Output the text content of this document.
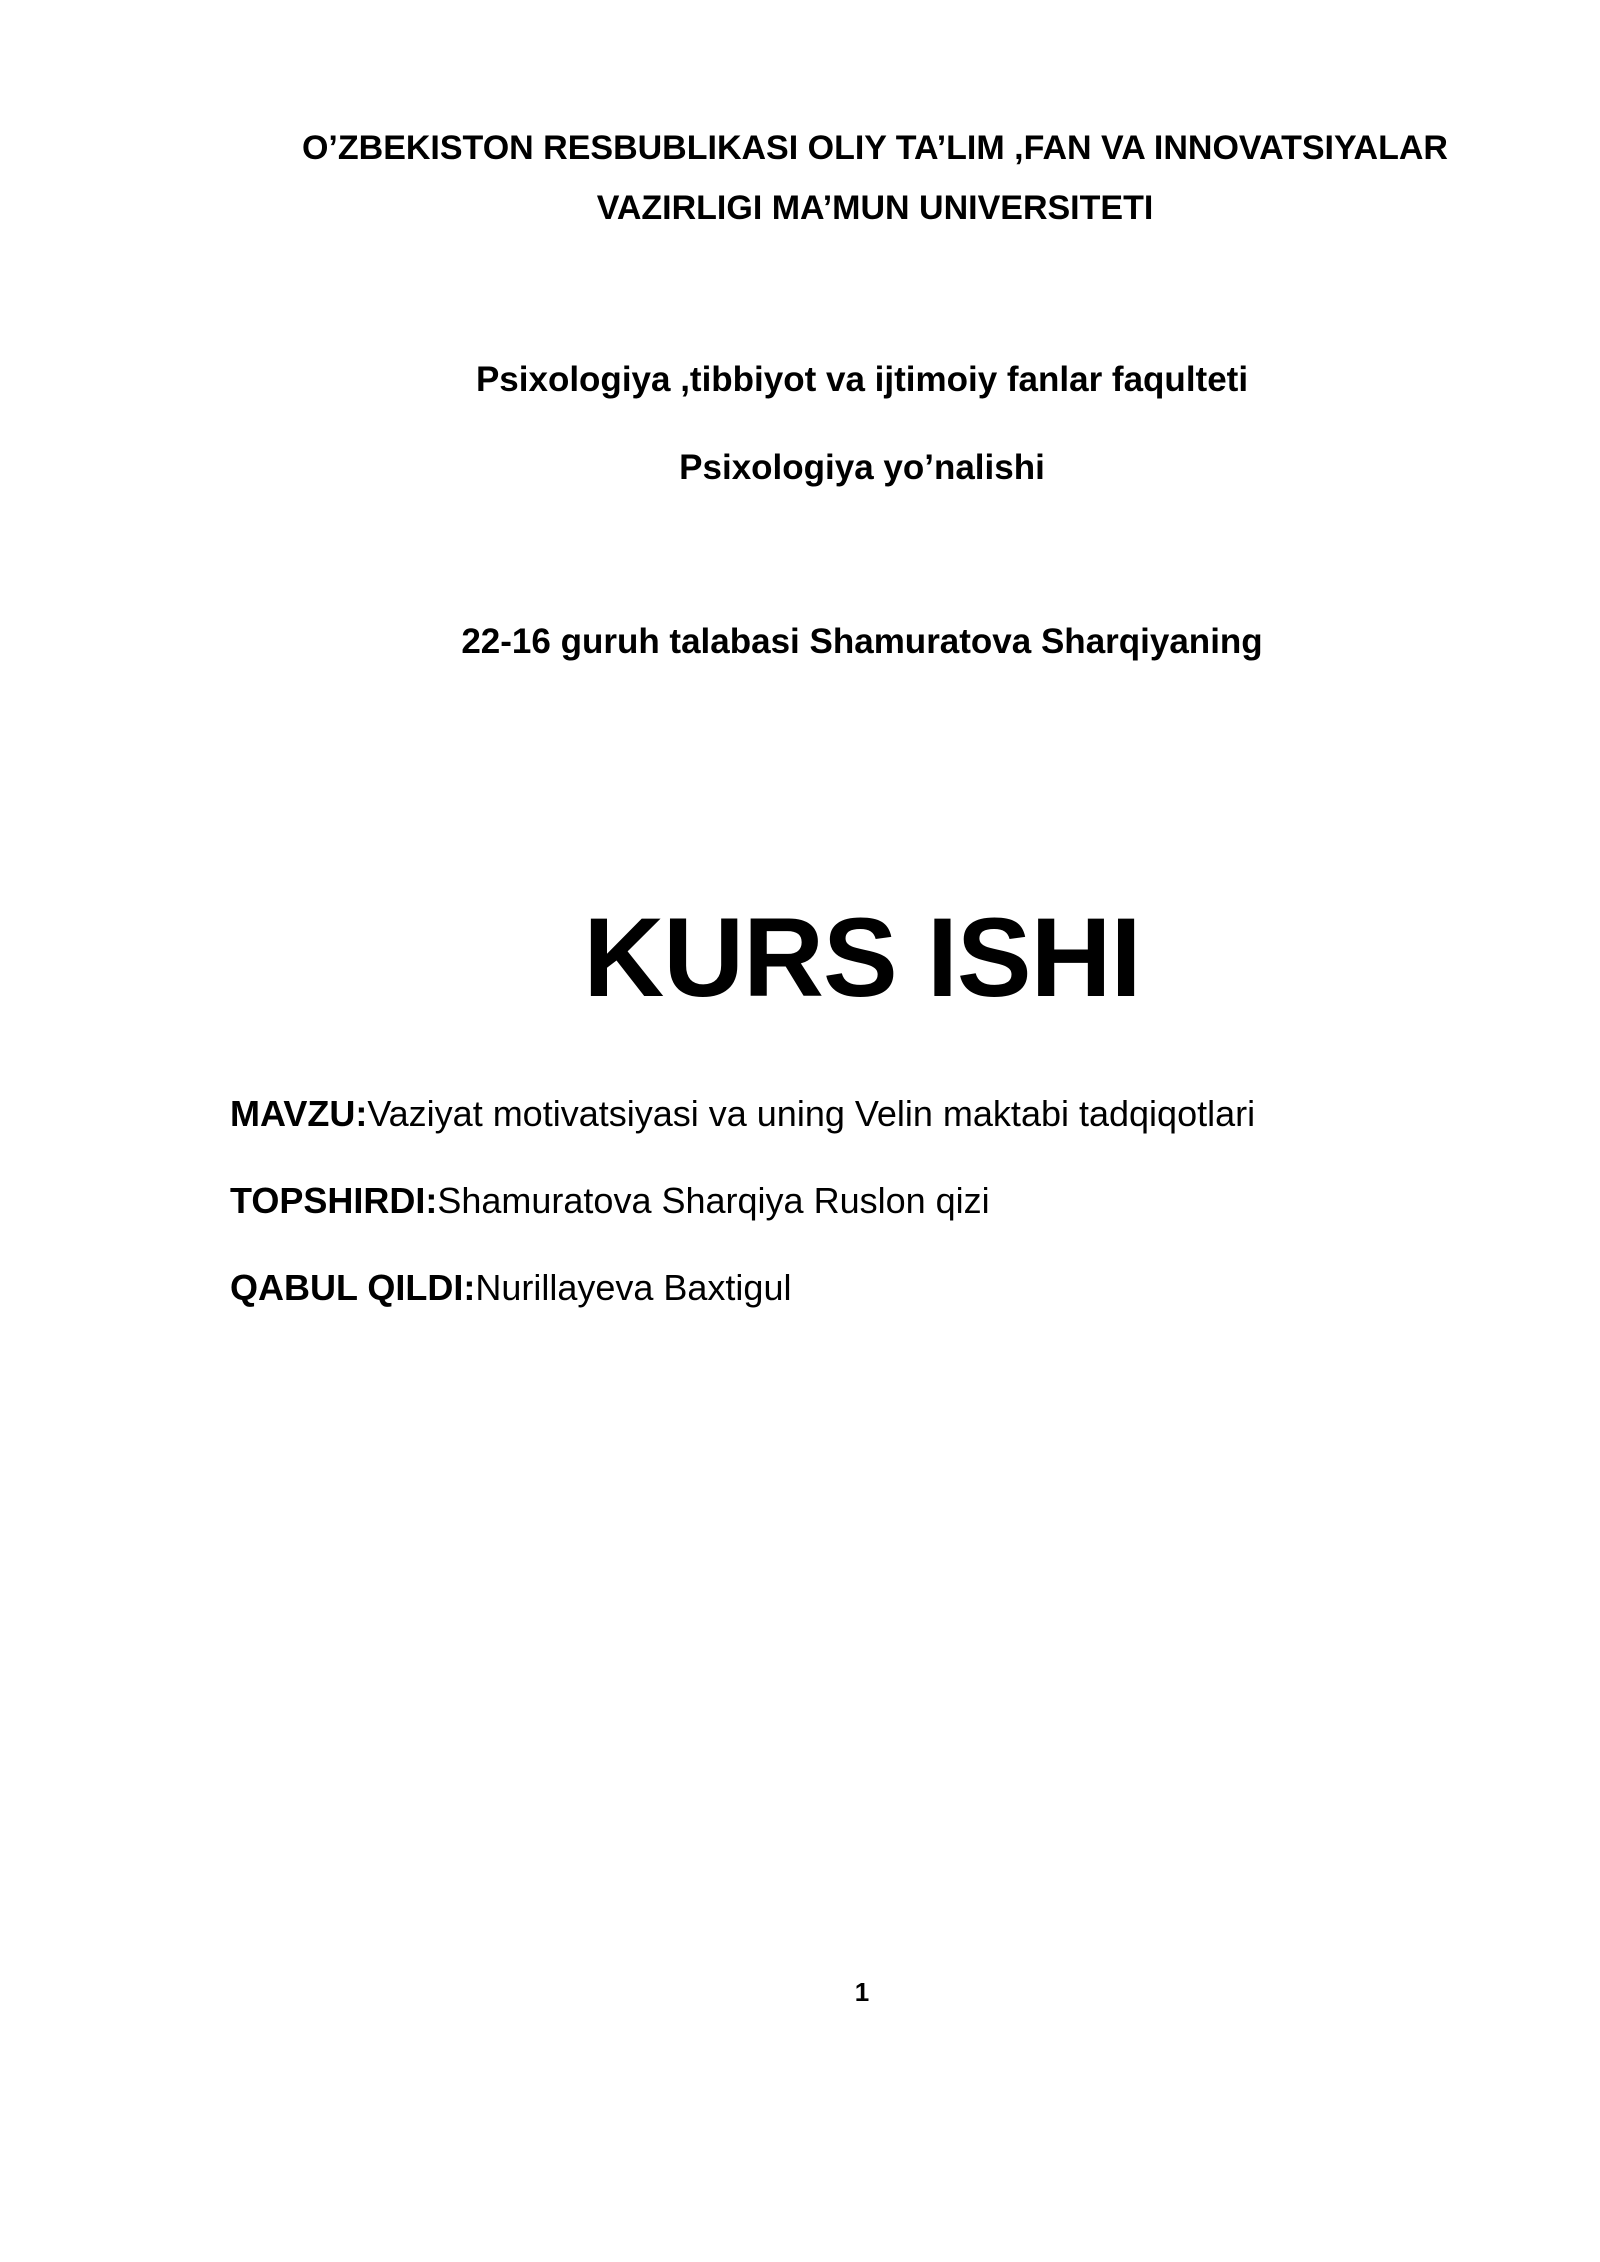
O’ZBEKISTON RESBUBLIKASI OLIY TA’LIM ,FAN VA INNOVATSIYALAR
VAZIRLIGI MA’MUN UNIVERSITETI
Psixologiya ,tibbiyot va ijtimoiy fanlar faqulteti
Psixologiya yo’nalishi
22-16 guruh talabasi Shamuratova Sharqiyaning
KURS ISHI
MAVZU:Vaziyat motivatsiyasi va uning Velin maktabi tadqiqotlari
TOPSHIRDI:Shamuratova Sharqiya Ruslon qizi
QABUL QILDI:Nurillayeva Baxtigul
1
